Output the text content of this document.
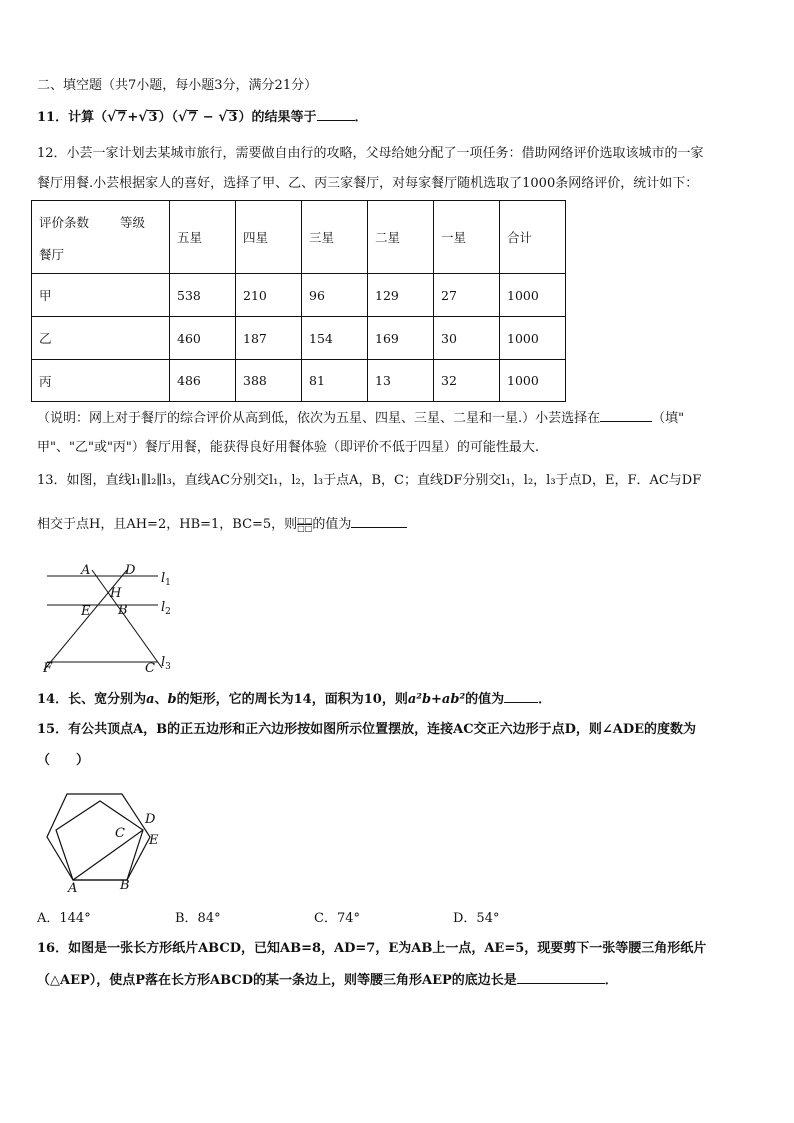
二、填空题（共7小题，每小题3分，满分21分）
11．计算（√7+√3）（√7 − √3）的结果等于	．
12．小芸一家计划去某城市旅行，需要做自由行的攻略，父母给她分配了一项任务：借助网络评价选取该城市的一家
餐厅用餐.小芸根据家人的喜好，选择了甲、乙、丙三家餐厅，对每家餐厅随机选取了1000条网络评价，统计如下：
评价条数 等级
餐厅	五星	四星	三星	二星	一星	合计
甲	538	210	96	129	27	1000
乙	460	187	154	169	30	1000
丙	486	388	81	13	32	1000
（说明：网上对于餐厅的综合评价从高到低，依次为五星、四星、三星、二星和一星.）小芸选择在	（填"
甲"、"乙"或"丙"）餐厅用餐，能获得良好用餐体验（即评价不低于四星）的可能性最大.
13．如图，直线l₁∥l₂∥l₃，直线AC分别交l₁，l₂，l₃于点A，B，C；直线DF分别交l₁，l₂，l₃于点D，E，F．AC与DF
相交于点H，且AH=2，HB=1，BC=5，则 $\frac{□□}{□□}$ 的值为
A	D
H
E B
F	C
$l_1$
$l_2$
$l_3$
14．长、宽分别为a、b的矩形，它的周长为14，面积为10，则a²b+ab²的值为	．
15．有公共顶点A，B的正五边形和正六边形按如图所示位置摆放，连接AC交正六边形于点D，则∠ADE的度数为
（　　）
C
D
E
A	B
A．144°	B．84°	C．74°	D．54°
16．如图是一张长方形纸片ABCD，已知AB=8，AD=7，E为AB上一点，AE=5，现要剪下一张等腰三角形纸片
（△AEP），使点P落在长方形ABCD的某一条边上，则等腰三角形AEP的底边长是	．
